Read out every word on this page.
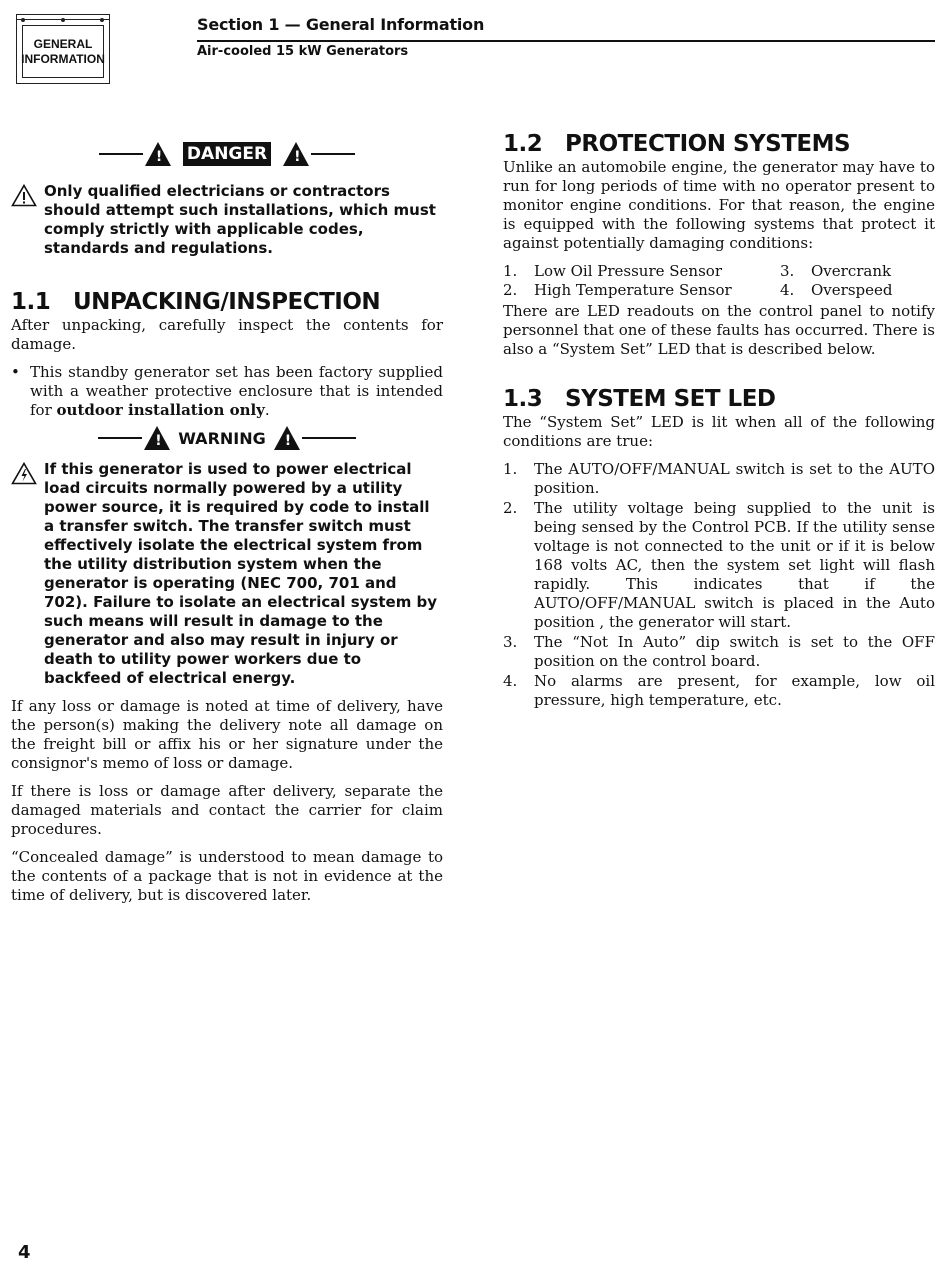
GENERAL
INFORMATION
Section 1 — General Information
Air-cooled 15 kW Generators
! DANGER !
Only qualified electricians or contractors should attempt such installations, which must comply strictly with applicable codes, standards and regulations.
1.1 UNPACKING/INSPECTION

After unpacking, carefully inspect the contents for damage.

• This standby generator set has been factory supplied with a weather protective enclosure that is intended for outdoor installation only.
! WARNING !
If this generator is used to power electrical load circuits normally powered by a utility power source, it is required by code to install a transfer switch. The transfer switch must effectively isolate the electrical system from the utility distribution system when the generator is operating (NEC 700, 701 and 702). Failure to isolate an electrical system by such means will result in damage to the generator and also may result in injury or death to utility power workers due to backfeed of electrical energy.

If any loss or damage is noted at time of delivery, have the person(s) making the delivery note all damage on the freight bill or affix his or her signature under the consignor's memo of loss or damage.

If there is loss or damage after delivery, separate the damaged materials and contact the carrier for claim procedures.

“Concealed damage” is understood to mean damage to the contents of a package that is not in evidence at the time of delivery, but is discovered later.

1.2 PROTECTION SYSTEMS

Unlike an automobile engine, the generator may have to run for long periods of time with no operator present to monitor engine conditions. For that reason, the engine is equipped with the following systems that protect it against potentially damaging conditions:

1.	Low Oil Pressure Sensor	3.	Overcrank
2.	High Temperature Sensor	4.	Overspeed

There are LED readouts on the control panel to notify personnel that one of these faults has occurred. There is also a “System Set” LED that is described below.

1.3 SYSTEM SET LED

The “System Set” LED is lit when all of the following conditions are true:

1.	The AUTO/OFF/MANUAL switch is set to the AUTO position.
2.	The utility voltage being supplied to the unit is being sensed by the Control PCB. If the utility sense voltage is not connected to the unit or if it is below 168 volts AC, then the system set light will flash rapidly. This indicates that if the AUTO/OFF/MANUAL switch is placed in the Auto position , the generator will start.
3.	The “Not In Auto” dip switch is set to the OFF position on the control board.
4.	No alarms are present, for example, low oil pressure, high temperature, etc.
4
